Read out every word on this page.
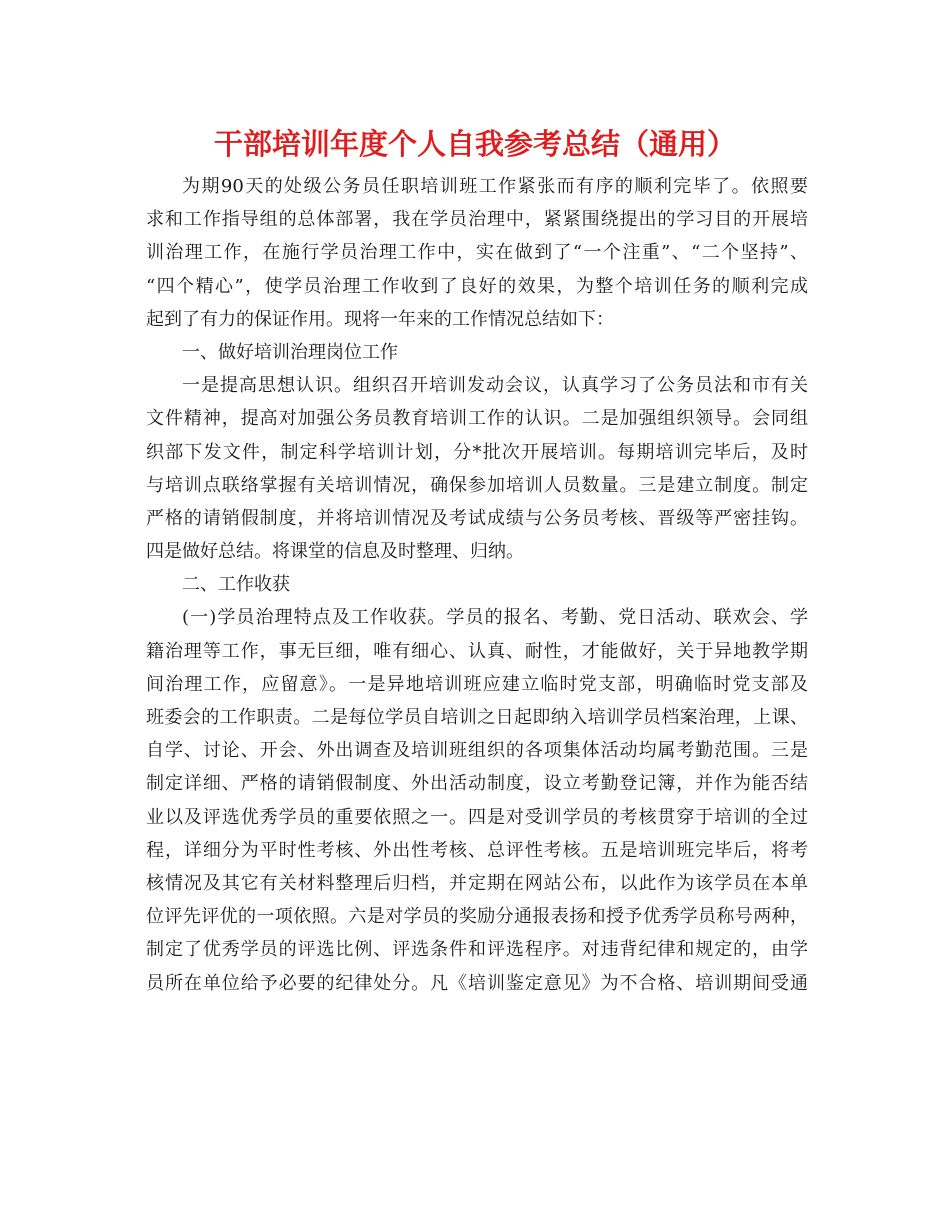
干部培训年度个人自我参考总结（通用）
为期90天的处级公务员任职培训班工作紧张而有序的顺利完毕了。依照要
求和工作指导组的总体部署，我在学员治理中，紧紧围绕提出的学习目的开展培
训治理工作，在施行学员治理工作中，实在做到了“一个注重”、“二个坚持”、
“四个精心”，使学员治理工作收到了良好的效果，为整个培训任务的顺利完成
起到了有力的保证作用。现将一年来的工作情况总结如下：
一、做好培训治理岗位工作
一是提高思想认识。组织召开培训发动会议，认真学习了公务员法和市有关
文件精神，提高对加强公务员教育培训工作的认识。二是加强组织领导。会同组
织部下发文件，制定科学培训计划，分*批次开展培训。每期培训完毕后，及时
与培训点联络掌握有关培训情况，确保参加培训人员数量。三是建立制度。制定
严格的请销假制度，并将培训情况及考试成绩与公务员考核、晋级等严密挂钩。
四是做好总结。将课堂的信息及时整理、归纳。
二、工作收获
(一)学员治理特点及工作收获。学员的报名、考勤、党日活动、联欢会、学
籍治理等工作，事无巨细，唯有细心、认真、耐性，才能做好，关于异地教学期
间治理工作，应留意》。一是异地培训班应建立临时党支部，明确临时党支部及
班委会的工作职责。二是每位学员自培训之日起即纳入培训学员档案治理，上课、
自学、讨论、开会、外出调查及培训班组织的各项集体活动均属考勤范围。三是
制定详细、严格的请销假制度、外出活动制度，设立考勤登记簿，并作为能否结
业以及评选优秀学员的重要依照之一。四是对受训学员的考核贯穿于培训的全过
程，详细分为平时性考核、外出性考核、总评性考核。五是培训班完毕后，将考
核情况及其它有关材料整理后归档，并定期在网站公布，以此作为该学员在本单
位评先评优的一项依照。六是对学员的奖励分通报表扬和授予优秀学员称号两种，
制定了优秀学员的评选比例、评选条件和评选程序。对违背纪律和规定的，由学
员所在单位给予必要的纪律处分。凡《培训鉴定意见》为不合格、培训期间受通
